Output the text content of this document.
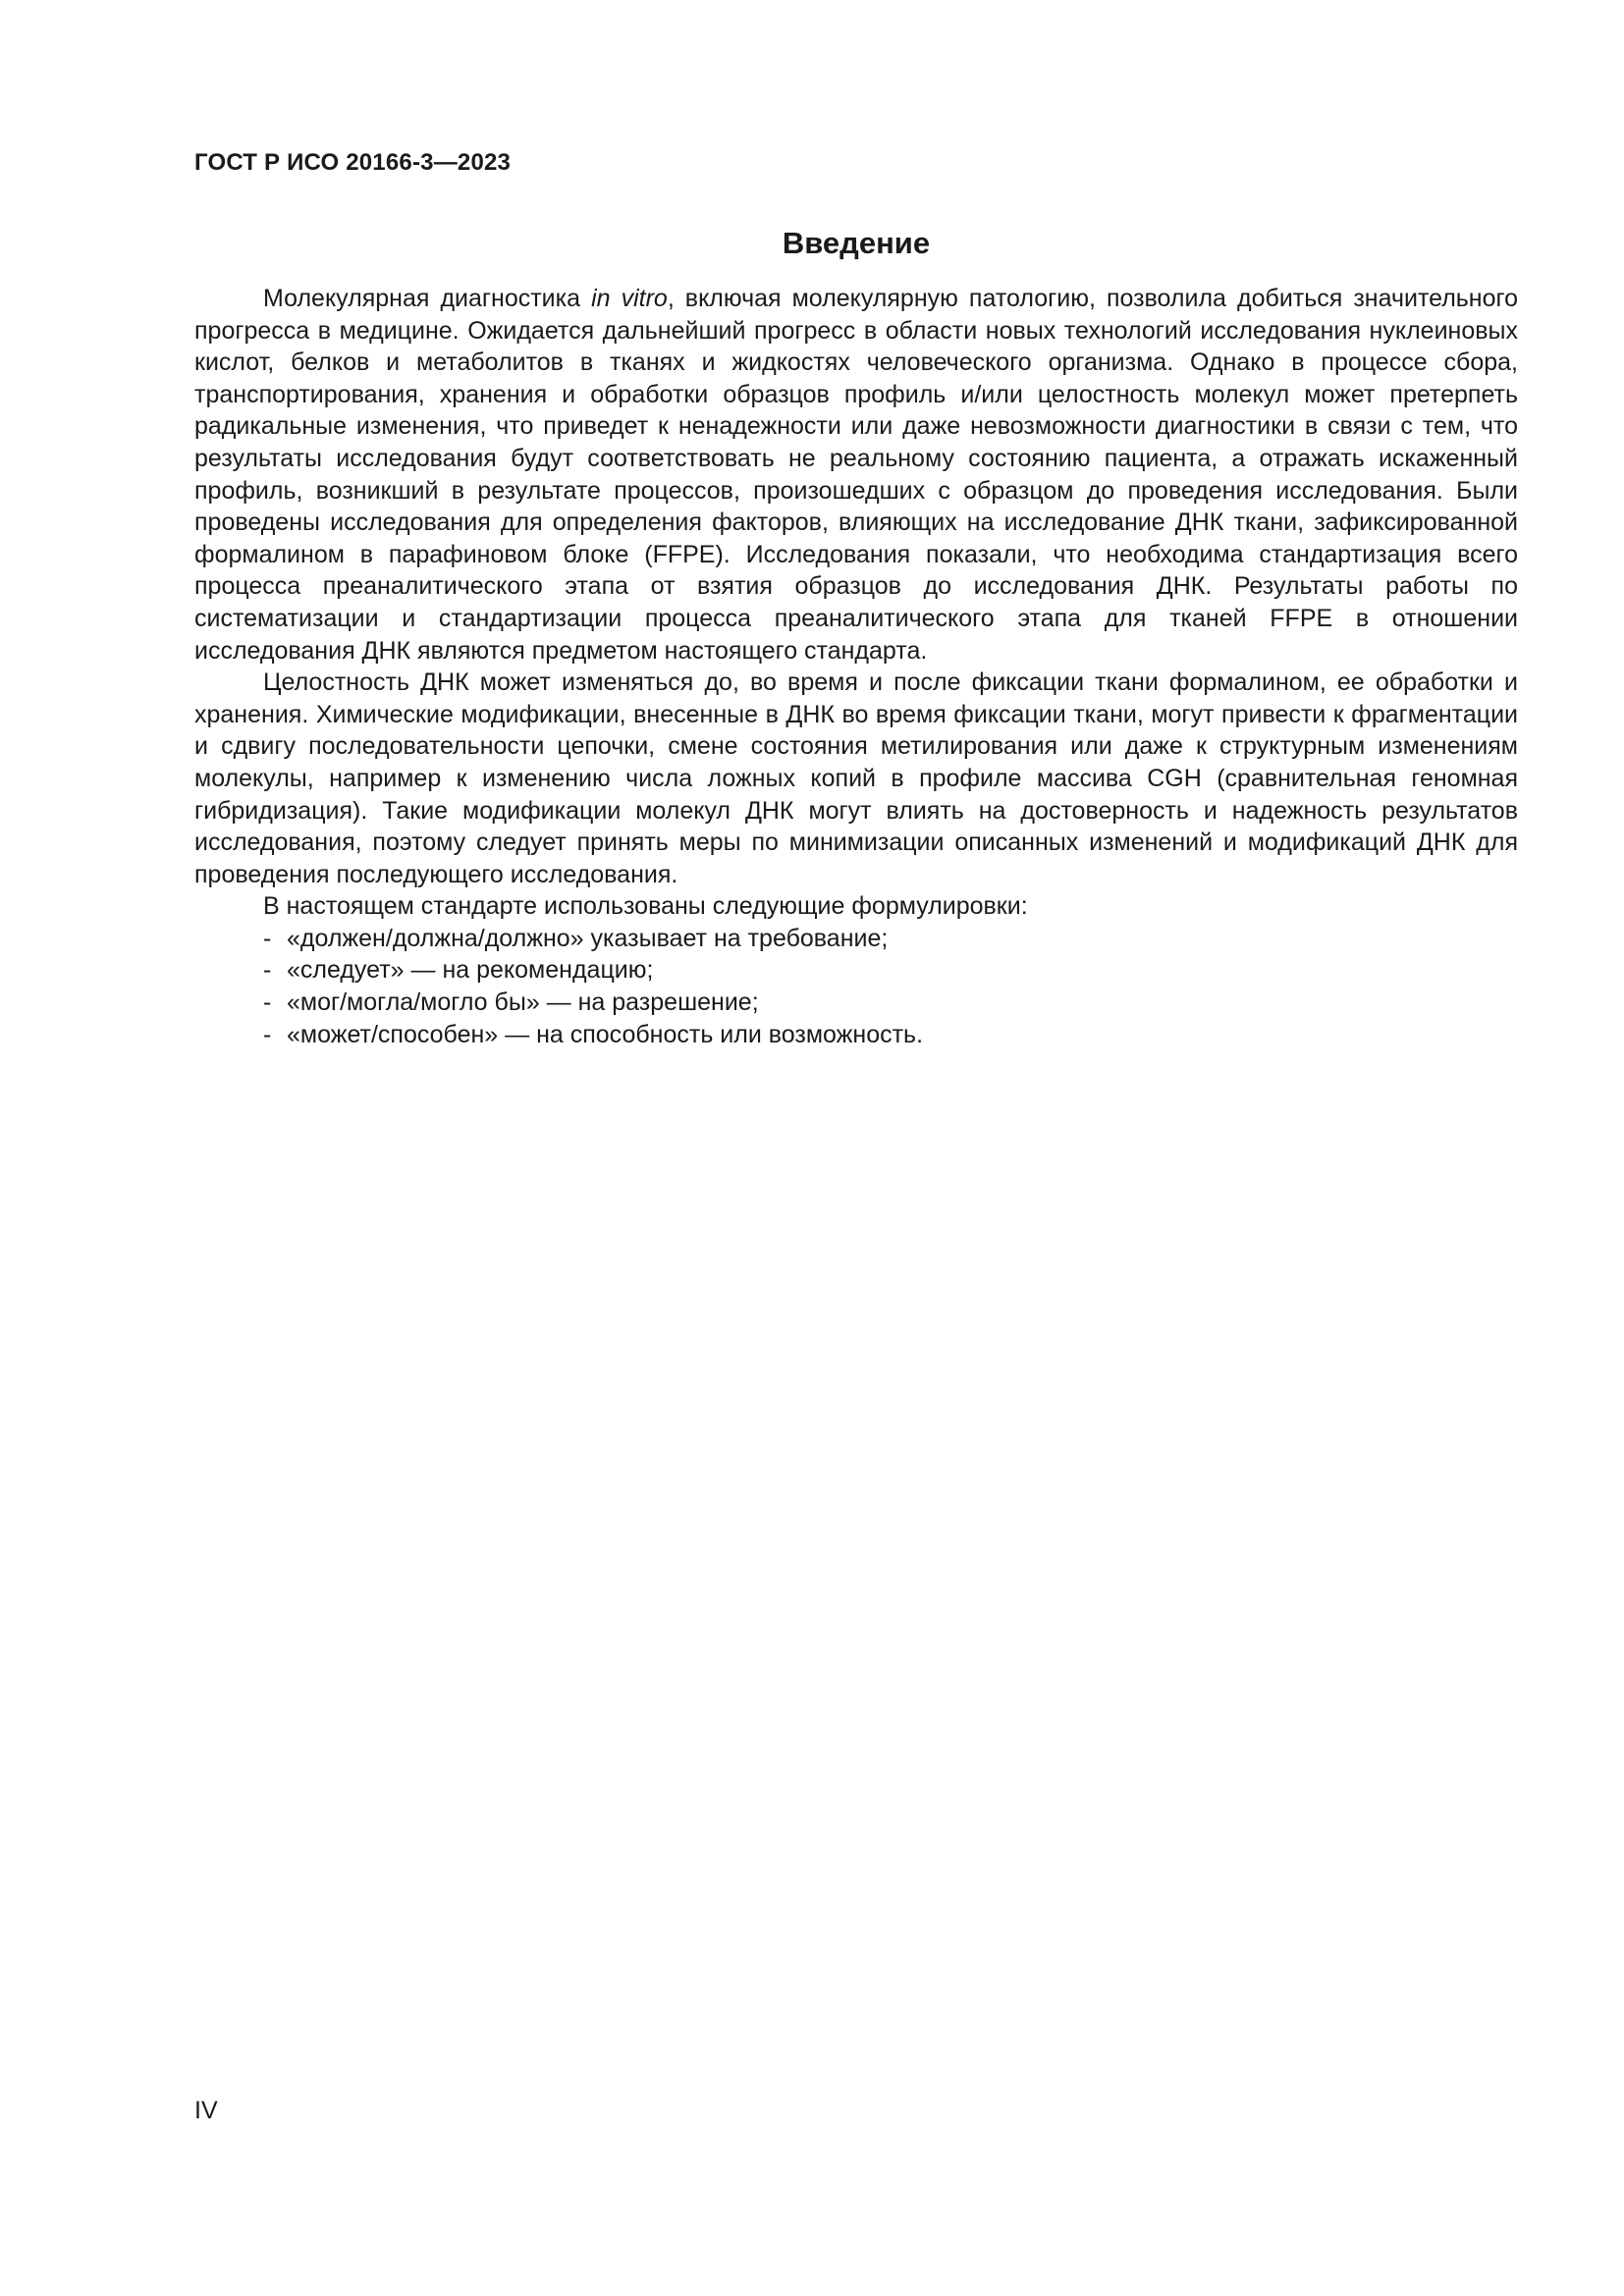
ГОСТ Р ИСО 20166-3—2023
Введение

Молекулярная диагностика in vitro, включая молекулярную патологию, позволила добиться значительного прогресса в медицине. Ожидается дальнейший прогресс в области новых технологий исследования нуклеиновых кислот, белков и метаболитов в тканях и жидкостях человеческого организма. Однако в процессе сбора, транспортирования, хранения и обработки образцов профиль и/или целостность молекул может претерпеть радикальные изменения, что приведет к ненадежности или даже невозможности диагностики в связи с тем, что результаты исследования будут соответствовать не реальному состоянию пациента, а отражать искаженный профиль, возникший в результате процессов, произошедших с образцом до проведения исследования. Были проведены исследования для определения факторов, влияющих на исследование ДНК ткани, зафиксированной формалином в парафиновом блоке (FFPE). Исследования показали, что необходима стандартизация всего процесса преаналитического этапа от взятия образцов до исследования ДНК. Результаты работы по систематизации и стандартизации процесса преаналитического этапа для тканей FFPE в отношении исследования ДНК являются предметом настоящего стандарта.

Целостность ДНК может изменяться до, во время и после фиксации ткани формалином, ее обработки и хранения. Химические модификации, внесенные в ДНК во время фиксации ткани, могут привести к фрагментации и сдвигу последовательности цепочки, смене состояния метилирования или даже к структурным изменениям молекулы, например к изменению числа ложных копий в профиле массива CGH (сравнительная геномная гибридизация). Такие модификации молекул ДНК могут влиять на достоверность и надежность результатов исследования, поэтому следует принять меры по минимизации описанных изменений и модификаций ДНК для проведения последующего исследования.

В настоящем стандарте использованы следующие формулировки:

- «должен/должна/должно» указывает на требование;
- «следует» — на рекомендацию;
- «мог/могла/могло бы» — на разрешение;
- «может/способен» — на способность или возможность.
IV
